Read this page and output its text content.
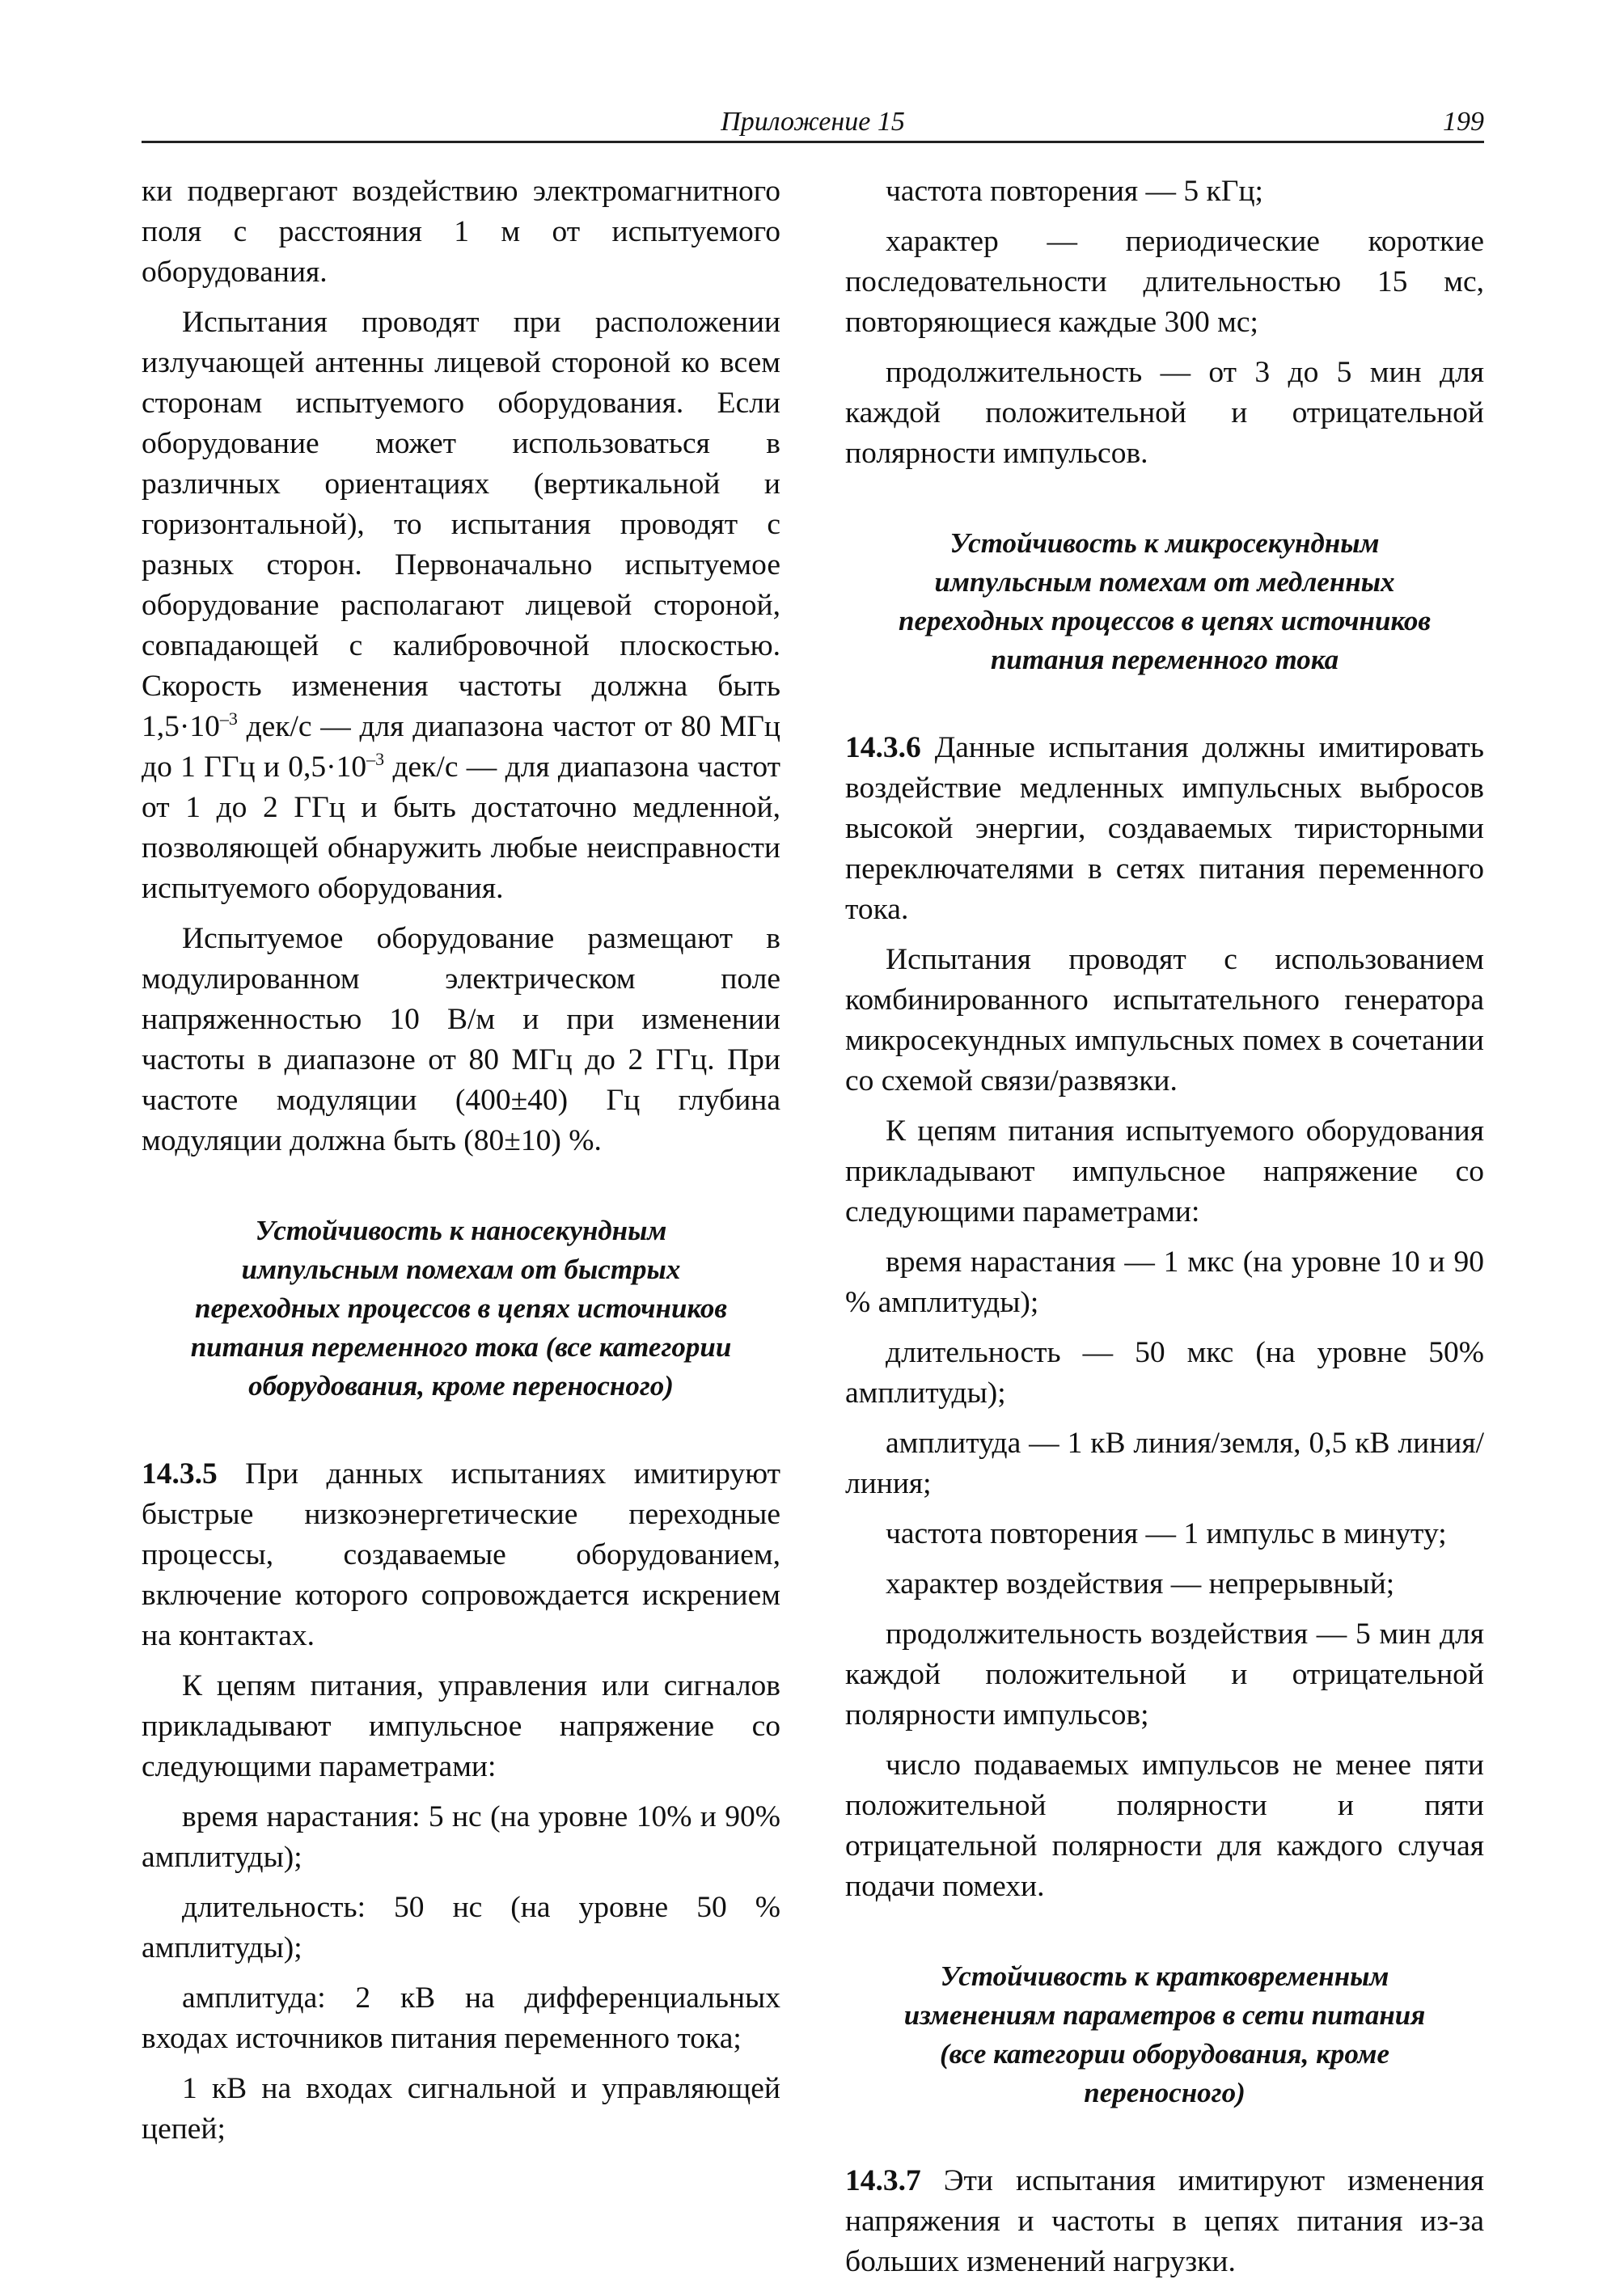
Приложение 15	199

ки подвергают воздействию электромагнитного поля с расстояния 1 м от испытуемого оборудования.

Испытания проводят при расположении излучающей антенны лицевой стороной ко всем сторонам испытуемого оборудования. Если оборудование может использоваться в различных ориентациях (вертикальной и горизонтальной), то испытания проводят с разных сторон. Первоначально испытуемое оборудование располагают лицевой стороной, совпадающей с калибровочной плоскостью. Скорость изменения частоты должна быть $1,5\cdot 10^{-3}$ дек/с — для диапазона частот от 80 МГц до 1 ГГц и $0,5\cdot 10^{-3}$ дек/с — для диапазона частот от 1 до 2 ГГц и быть достаточно медленной, позволяющей обнаружить любые неисправности испытуемого оборудования.

Испытуемое оборудование размещают в модулированном электрическом поле напряженностью 10 В/м и при изменении частоты в диапазоне от 80 МГц до 2 ГГц. При частоте модуляции (400±40) Гц глубина модуляции должна быть (80±10) %.

Устойчивость к наносекундным
импульсным помехам от быстрых
переходных процессов в цепях источников
питания переменного тока (все категории
оборудования, кроме переносного)

14.3.5 При данных испытаниях имитируют быстрые низкоэнергетические переходные процессы, создаваемые оборудованием, включение которого сопровождается искрением на контактах.

К цепям питания, управления или сигналов прикладывают импульсное напряжение со следующими параметрами:

время нарастания: 5 нс (на уровне 10% и 90% амплитуды);

длительность: 50 нс (на уровне 50 % амплитуды);

амплитуда: 2 кВ на дифференциальных входах источников питания переменного тока;

1 кВ на входах сигнальной и управляющей цепей;

частота повторения — 5 кГц;

характер — периодические короткие последовательности длительностью 15 мс, повторяющиеся каждые 300 мс;

продолжительность — от 3 до 5 мин для каждой положительной и отрицательной полярности импульсов.

Устойчивость к микросекундным
импульсным помехам от медленных
переходных процессов в цепях источников
питания переменного тока

14.3.6 Данные испытания должны имитировать воздействие медленных импульсных выбросов высокой энергии, создаваемых тиристорными переключателями в сетях питания переменного тока.

Испытания проводят с использованием комбинированного испытательного генератора микросекундных импульсных помех в сочетании со схемой связи/развязки.

К цепям питания испытуемого оборудования прикладывают импульсное напряжение со следующими параметрами:

время нарастания — 1 мкс (на уровне 10 и 90 % амплитуды);

длительность — 50 мкс (на уровне 50% амплитуды);

амплитуда — 1 кВ линия/земля, 0,5 кВ линия/линия;

частота повторения — 1 импульс в минуту;

характер воздействия — непрерывный;

продолжительность воздействия — 5 мин для каждой положительной и отрицательной полярности импульсов;

число подаваемых импульсов не менее пяти положительной полярности и пяти отрицательной полярности для каждого случая подачи помехи.

Устойчивость к кратковременным
изменениям параметров в сети питания
(все категории оборудования, кроме
переносного)

14.3.7 Эти испытания имитируют изменения напряжения и частоты в цепях питания из-за больших изменений нагрузки.
